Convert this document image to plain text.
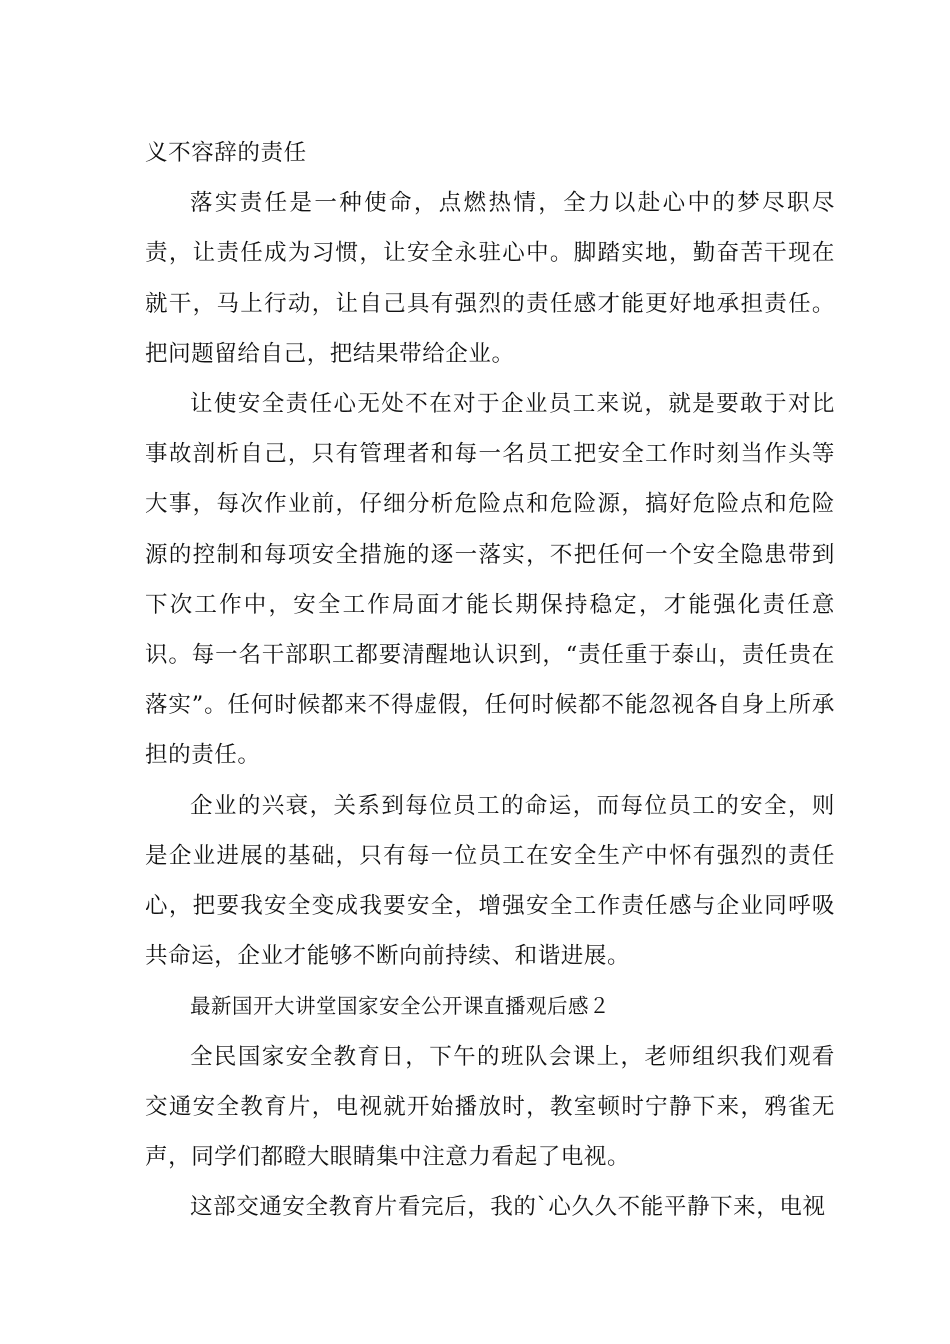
义不容辞的责任

落实责任是一种使命，点燃热情，全力以赴心中的梦尽职尽责，让责任成为习惯，让安全永驻心中。脚踏实地，勤奋苦干现在就干，马上行动，让自己具有强烈的责任感才能更好地承担责任。把问题留给自己，把结果带给企业。

让使安全责任心无处不在对于企业员工来说，就是要敢于对比事故剖析自己，只有管理者和每一名员工把安全工作时刻当作头等大事，每次作业前，仔细分析危险点和危险源，搞好危险点和危险源的控制和每项安全措施的逐一落实，不把任何一个安全隐患带到下次工作中，安全工作局面才能长期保持稳定，才能强化责任意识。每一名干部职工都要清醒地认识到，“责任重于泰山，责任贵在落实”。任何时候都来不得虚假，任何时候都不能忽视各自身上所承担的责任。

企业的兴衰，关系到每位员工的命运，而每位员工的安全，则是企业进展的基础，只有每一位员工在安全生产中怀有强烈的责任心，把要我安全变成我要安全，增强安全工作责任感与企业同呼吸共命运，企业才能够不断向前持续、和谐进展。

最新国开大讲堂国家安全公开课直播观后感２

全民国家安全教育日，下午的班队会课上，老师组织我们观看交通安全教育片，电视就开始播放时，教室顿时宁静下来，鸦雀无声，同学们都瞪大眼睛集中注意力看起了电视。

这部交通安全教育片看完后，我的`心久久不能平静下来，电视
